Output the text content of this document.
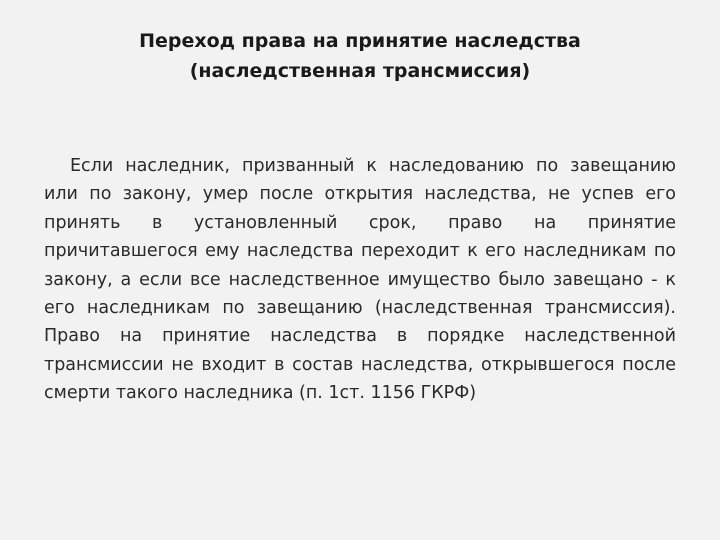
Переход права на принятие наследства
(наследственная трансмиссия)

Если наследник, призванный к наследованию по завещанию или по закону, умер после открытия наследства, не успев его принять в установленный срок, право на принятие причитавшегося ему наследства переходит к его наследникам по закону, а если все наследственное имущество было завещано - к его наследникам по завещанию (наследственная трансмиссия). Право на принятие наследства в порядке наследственной трансмиссии не входит в состав наследства, открывшегося после смерти такого наследника (п. 1ст. 1156 ГКРФ)
